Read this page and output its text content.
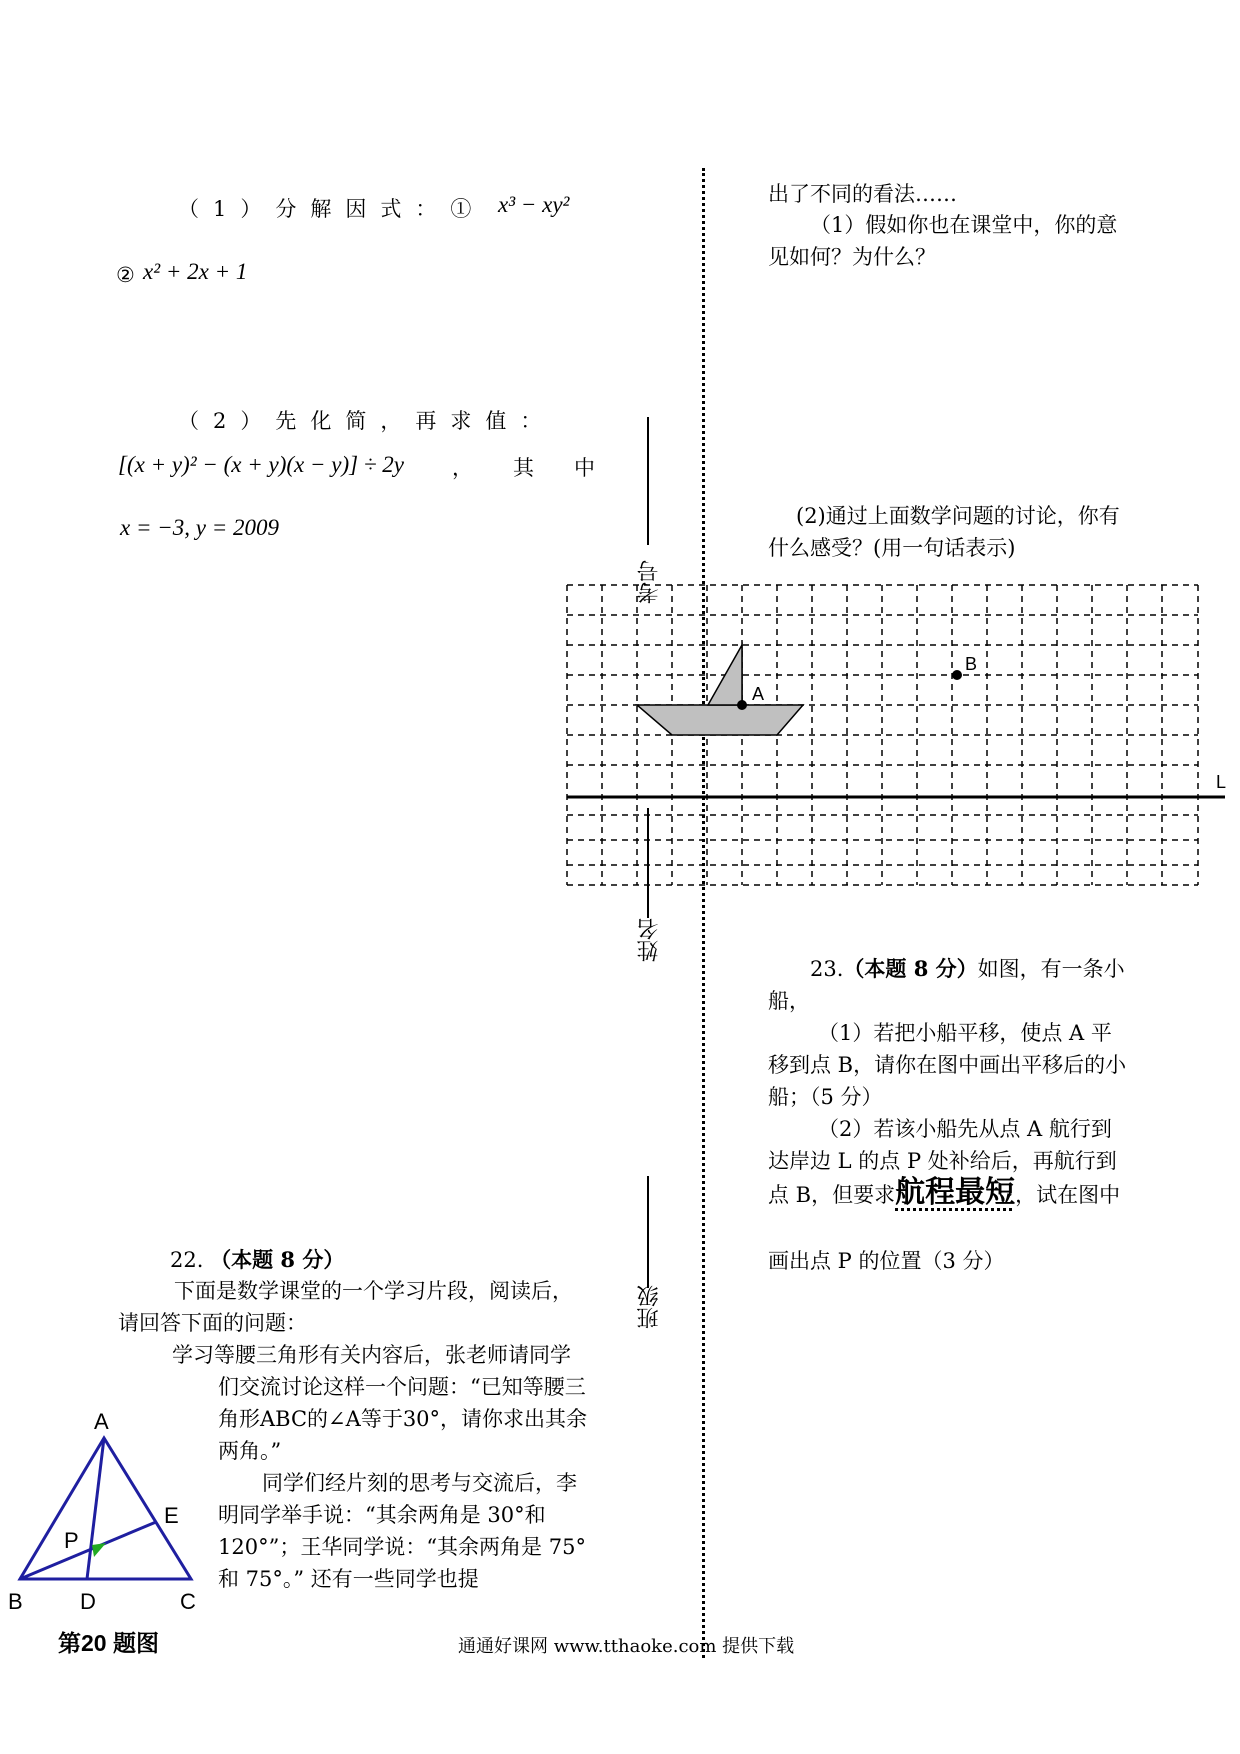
（1）分解因式：① x³ − xy²
② x² + 2x + 1
（2）先化简，再求值：
[(x + y)² − (x + y)(x − y)] ÷ 2y ，其中
x = −3, y = 2009
22. （本题 8 分）
下面是数学课堂的一个学习片段，阅读后，请回答下面的问题：
学习等腰三角形有关内容后，张老师请同学们交流讨论这样一个问题：“已知等腰三角形ABC的∠A等于30°，请你求出其余两角。”
同学们经片刻的思考与交流后，李明同学举手说：“其余两角是 30°和 120°”；王华同学说：“其余两角是 75°和 75°。” 还有一些同学也提
A
B	C
D
E
P
第20 题图
考号
姓名
班级
出了不同的看法……
（1）假如你也在课堂中，你的意见如何？为什么？
(2)通过上面数学问题的讨论，你有什么感受？(用一句话表示)
A
B
L
23.（本题 8 分）如图，有一条小船，
（1）若把小船平移，使点 A 平移到点 B，请你在图中画出平移后的小船；（5 分）
（2）若该小船先从点 A 航行到达岸边 L 的点 P 处补给后，再航行到点 B，但要求航程最短，试在图中
画出点 P 的位置（3 分）
通通好课网 www.tthaoke.com 提供下载
